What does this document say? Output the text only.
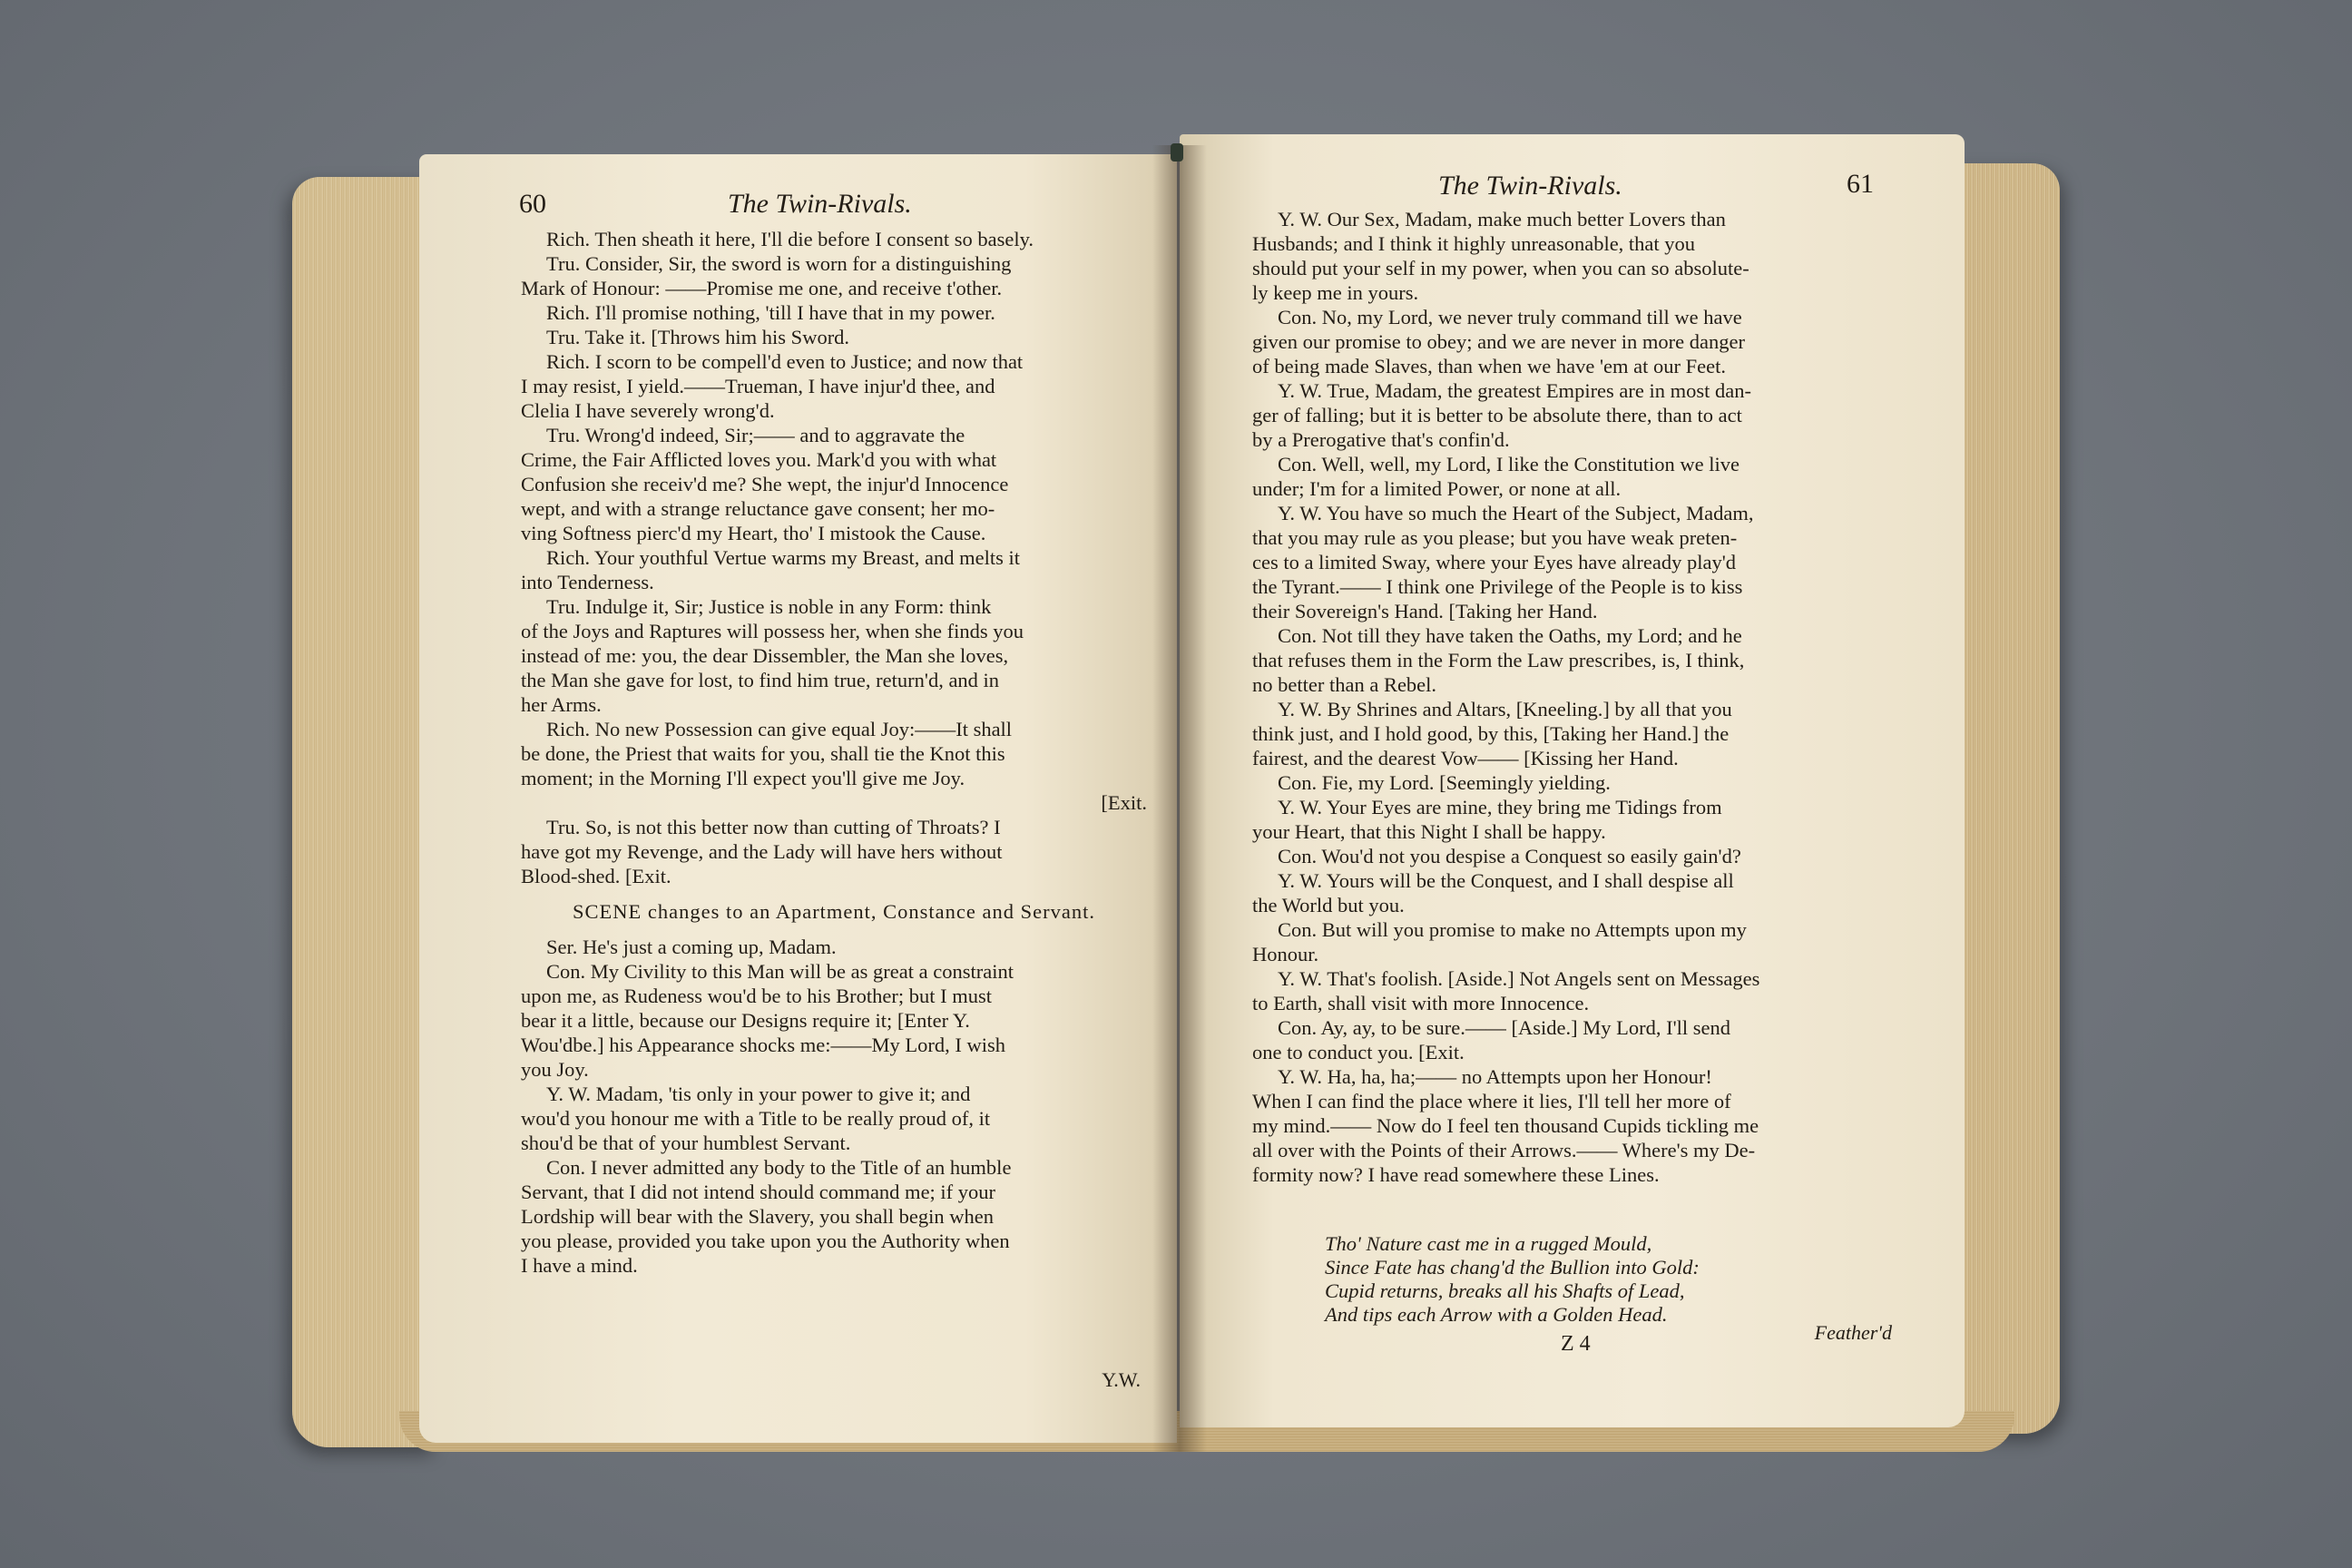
60	The Twin-Rivals.
Rich. Then sheath it here, I'll die before I consent so basely.
Tru. Consider, Sir, the sword is worn for a distinguishing
Mark of Honour: ——Promise me one, and receive t'other.
Rich. I'll promise nothing, 'till I have that in my power.
Tru. Take it. [Throws him his Sword.
Rich. I scorn to be compell'd even to Justice; and now that
I may resist, I yield.——Trueman, I have injur'd thee, and
Clelia I have severely wrong'd.
Tru. Wrong'd indeed, Sir;—— and to aggravate the
Crime, the Fair Afflicted loves you. Mark'd you with what
Confusion she receiv'd me? She wept, the injur'd Innocence
wept, and with a strange reluctance gave consent; her mo-
ving Softness pierc'd my Heart, tho' I mistook the Cause.
Rich. Your youthful Vertue warms my Breast, and melts it
into Tenderness.
Tru. Indulge it, Sir; Justice is noble in any Form: think
of the Joys and Raptures will possess her, when she finds you
instead of me: you, the dear Dissembler, the Man she loves,
the Man she gave for lost, to find him true, return'd, and in
her Arms.
Rich. No new Possession can give equal Joy:——It shall
be done, the Priest that waits for you, shall tie the Knot this
moment; in the Morning I'll expect you'll give me Joy.
[Exit.
Tru. So, is not this better now than cutting of Throats? I
have got my Revenge, and the Lady will have hers without
Blood-shed. [Exit.
SCENE changes to an Apartment, Constance and Servant.
Ser. He's just a coming up, Madam.
Con. My Civility to this Man will be as great a constraint
upon me, as Rudeness wou'd be to his Brother; but I must
bear it a little, because our Designs require it; [Enter Y.
Wou'dbe.] his Appearance shocks me:——My Lord, I wish
you Joy.
Y. W. Madam, 'tis only in your power to give it; and
wou'd you honour me with a Title to be really proud of, it
shou'd be that of your humblest Servant.
Con. I never admitted any body to the Title of an humble
Servant, that I did not intend should command me; if your
Lordship will bear with the Slavery, you shall begin when
you please, provided you take upon you the Authority when
I have a mind.
Y.W.
The Twin-Rivals.	61
Y. W. Our Sex, Madam, make much better Lovers than
Husbands; and I think it highly unreasonable, that you
should put your self in my power, when you can so absolute-
ly keep me in yours.
Con. No, my Lord, we never truly command till we have
given our promise to obey; and we are never in more danger
of being made Slaves, than when we have 'em at our Feet.
Y. W. True, Madam, the greatest Empires are in most dan-
ger of falling; but it is better to be absolute there, than to act
by a Prerogative that's confin'd.
Con. Well, well, my Lord, I like the Constitution we live
under; I'm for a limited Power, or none at all.
Y. W. You have so much the Heart of the Subject, Madam,
that you may rule as you please; but you have weak preten-
ces to a limited Sway, where your Eyes have already play'd
the Tyrant.—— I think one Privilege of the People is to kiss
their Sovereign's Hand. [Taking her Hand.
Con. Not till they have taken the Oaths, my Lord; and he
that refuses them in the Form the Law prescribes, is, I think,
no better than a Rebel.
Y. W. By Shrines and Altars, [Kneeling.] by all that you
think just, and I hold good, by this, [Taking her Hand.] the
fairest, and the dearest Vow—— [Kissing her Hand.
Con. Fie, my Lord. [Seemingly yielding.
Y. W. Your Eyes are mine, they bring me Tidings from
your Heart, that this Night I shall be happy.
Con. Wou'd not you despise a Conquest so easily gain'd?
Y. W. Yours will be the Conquest, and I shall despise all
the World but you.
Con. But will you promise to make no Attempts upon my
Honour.
Y. W. That's foolish. [Aside.] Not Angels sent on Messages
to Earth, shall visit with more Innocence.
Con. Ay, ay, to be sure.—— [Aside.] My Lord, I'll send
one to conduct you. [Exit.
Y. W. Ha, ha, ha;—— no Attempts upon her Honour!
When I can find the place where it lies, I'll tell her more of
my mind.—— Now do I feel ten thousand Cupids tickling me
all over with the Points of their Arrows.—— Where's my De-
formity now? I have read somewhere these Lines.
Tho' Nature cast me in a rugged Mould,
Since Fate has chang'd the Bullion into Gold:
Cupid returns, breaks all his Shafts of Lead,
And tips each Arrow with a Golden Head.
Z 4	Feather'd
